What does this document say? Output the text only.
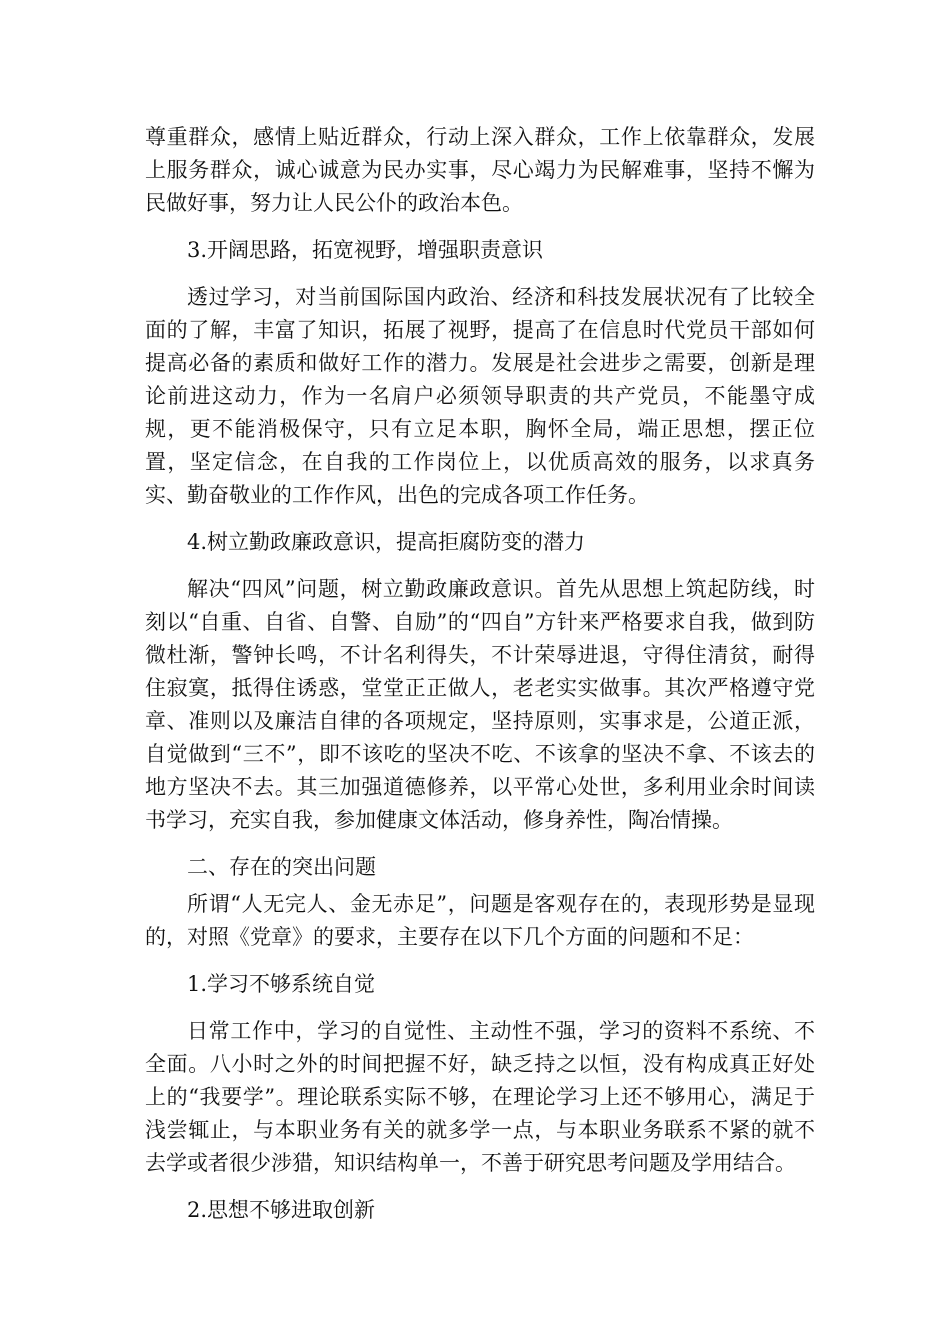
尊重群众，感情上贴近群众，行动上深入群众，工作上依靠群众，发展上服务群众，诚心诚意为民办实事，尽心竭力为民解难事，坚持不懈为民做好事，努力让人民公仆的政治本色。

3.开阔思路，拓宽视野，增强职责意识

透过学习，对当前国际国内政治、经济和科技发展状况有了比较全面的了解，丰富了知识，拓展了视野，提高了在信息时代党员干部如何提高必备的素质和做好工作的潜力。发展是社会进步之需要，创新是理论前进这动力，作为一名肩户必须领导职责的共产党员，不能墨守成规，更不能消极保守，只有立足本职，胸怀全局，端正思想，摆正位置，坚定信念，在自我的工作岗位上，以优质高效的服务，以求真务实、勤奋敬业的工作作风，出色的完成各项工作任务。

4.树立勤政廉政意识，提高拒腐防变的潜力

解决“四风”问题，树立勤政廉政意识。首先从思想上筑起防线，时刻以“自重、自省、自警、自励”的“四自”方针来严格要求自我，做到防微杜渐，警钟长鸣，不计名利得失，不计荣辱进退，守得住清贫，耐得住寂寞，抵得住诱惑，堂堂正正做人，老老实实做事。其次严格遵守党章、准则以及廉洁自律的各项规定，坚持原则，实事求是，公道正派，自觉做到“三不”，即不该吃的坚决不吃、不该拿的坚决不拿、不该去的地方坚决不去。其三加强道德修养，以平常心处世，多利用业余时间读书学习，充实自我，参加健康文体活动，修身养性，陶冶情操。

二、存在的突出问题

所谓“人无完人、金无赤足”，问题是客观存在的，表现形势是显现的，对照《党章》的要求，主要存在以下几个方面的问题和不足：

1.学习不够系统自觉

日常工作中，学习的自觉性、主动性不强，学习的资料不系统、不全面。八小时之外的时间把握不好，缺乏持之以恒，没有构成真正好处上的“我要学”。理论联系实际不够，在理论学习上还不够用心，满足于浅尝辄止，与本职业务有关的就多学一点，与本职业务联系不紧的就不去学或者很少涉猎，知识结构单一，不善于研究思考问题及学用结合。

2.思想不够进取创新
